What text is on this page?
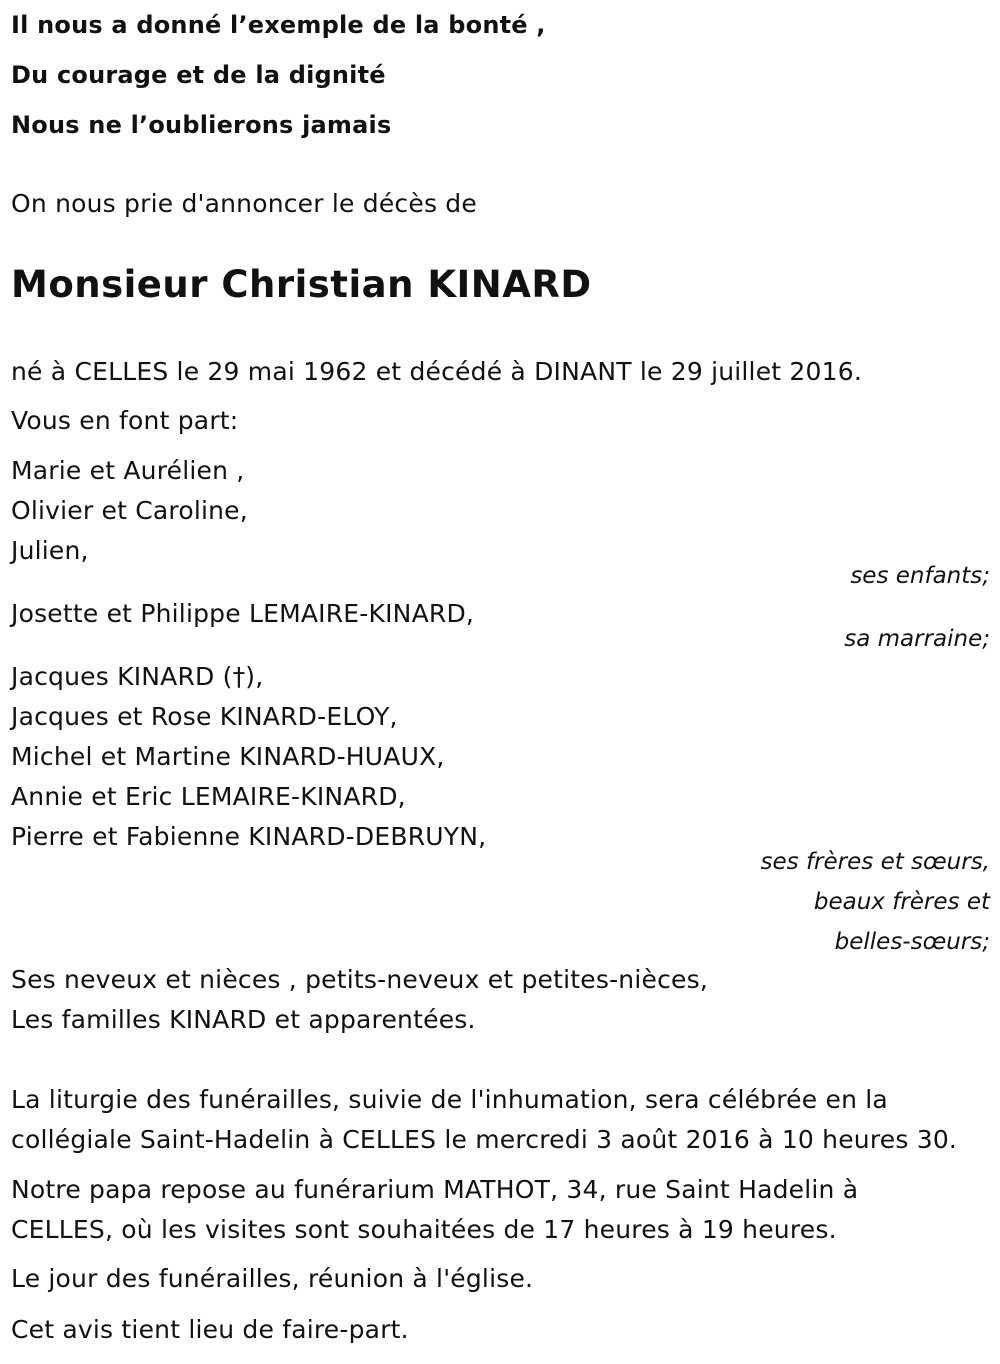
Il nous a donné l’exemple de la bonté ,
Du courage et de la dignité
Nous ne l’oublierons jamais
On nous prie d'annoncer le décès de
Monsieur Christian KINARD
né à CELLES le 29 mai 1962 et décédé à DINANT le 29 juillet 2016.
Vous en font part:
Marie et Aurélien ,
Olivier et Caroline,
Julien,
ses enfants;
Josette et Philippe LEMAIRE-KINARD,
sa marraine;
Jacques KINARD (†),
Jacques et Rose KINARD-ELOY,
Michel et Martine KINARD-HUAUX,
Annie et Eric LEMAIRE-KINARD,
Pierre et Fabienne KINARD-DEBRUYN,
ses frères et sœurs,
beaux frères et
belles-sœurs;
Ses neveux et nièces , petits-neveux et petites-nièces,
Les familles KINARD et apparentées.
La liturgie des funérailles, suivie de l'inhumation, sera célébrée en la
collégiale Saint-Hadelin à CELLES le mercredi 3 août 2016 à 10 heures 30.
Notre papa repose au funérarium MATHOT, 34, rue Saint Hadelin à
CELLES, où les visites sont souhaitées de 17 heures à 19 heures.
Le jour des funérailles, réunion à l'église.
Cet avis tient lieu de faire-part.
